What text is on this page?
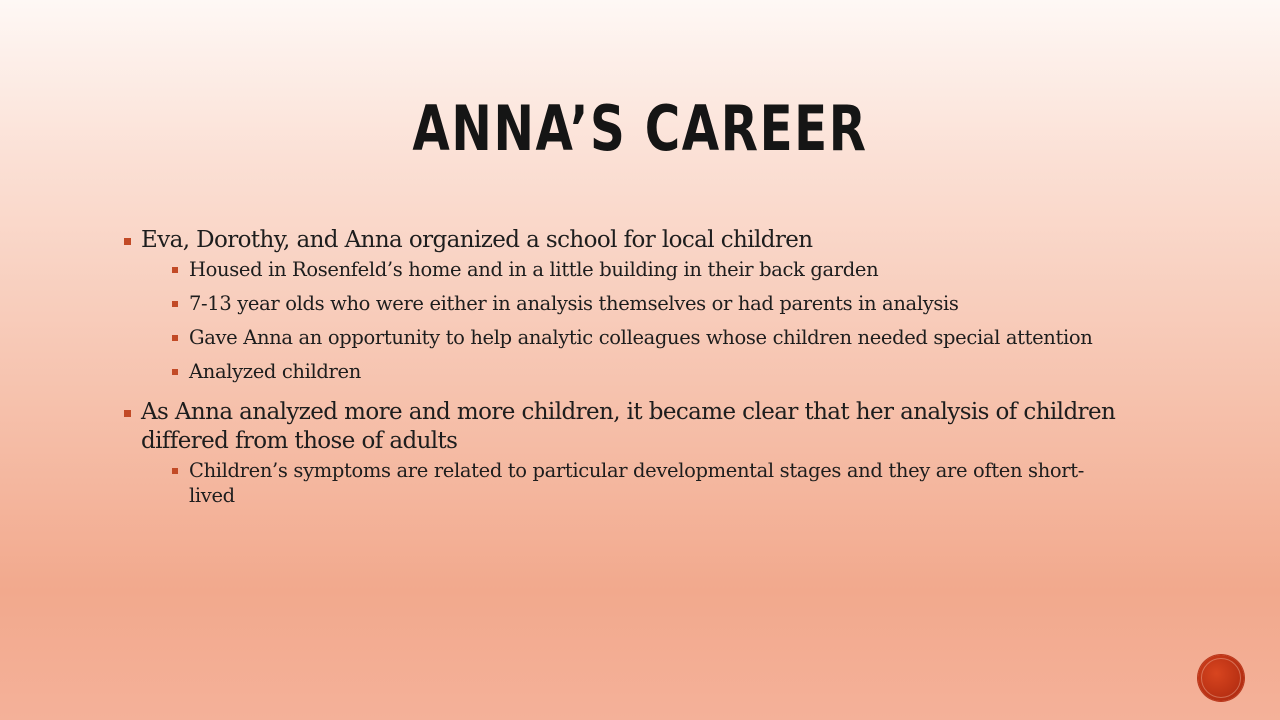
ANNA’S CAREER
Eva, Dorothy, and Anna organized a school for local children
Housed in Rosenfeld’s home and in a little building in their back garden
7-13 year olds who were either in analysis themselves or had parents in analysis
Gave Anna an opportunity to help analytic colleagues whose children needed special attention
Analyzed children
As Anna analyzed more and more children, it became clear that her analysis of children differed from those of adults
Children’s symptoms are related to particular developmental stages and they are often short-lived
